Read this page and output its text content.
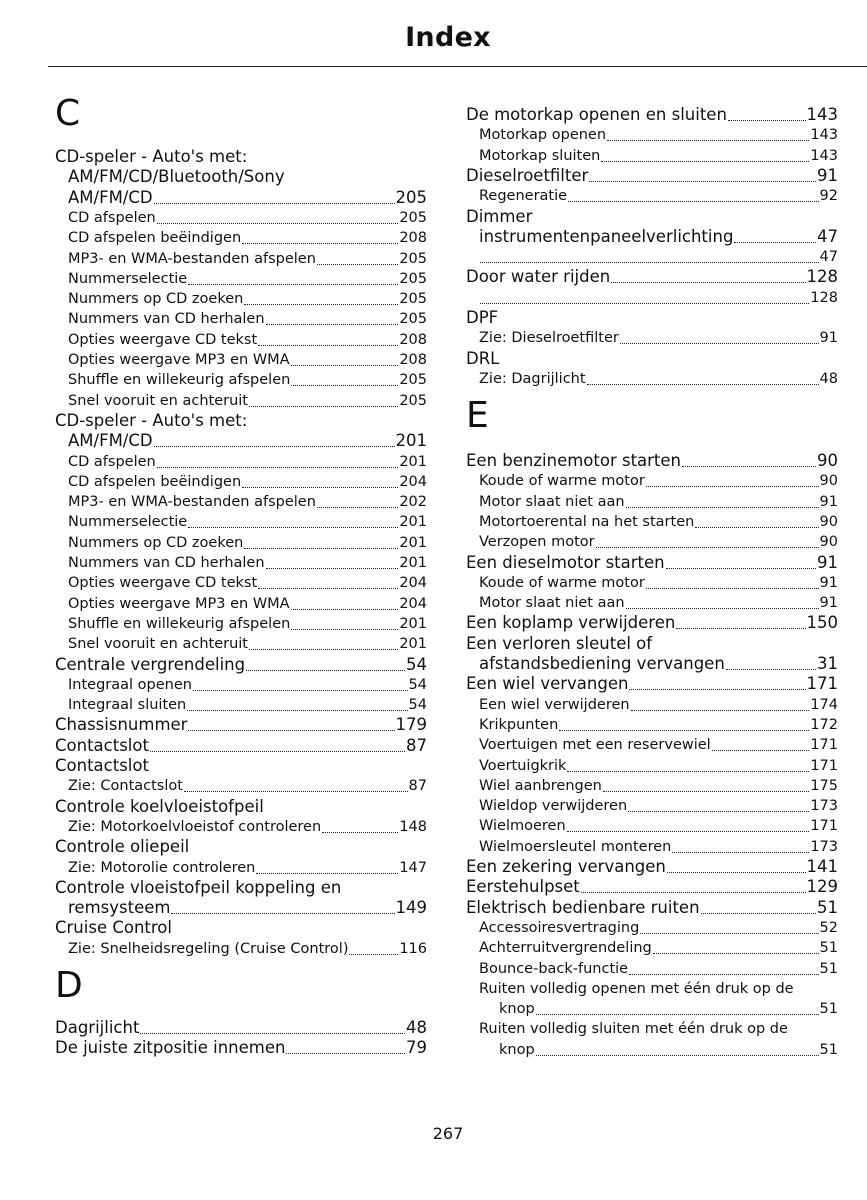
Index
C
CD-speler - Auto's met:
AM/FM/CD/Bluetooth/Sony
AM/FM/CD	205
CD afspelen	205
CD afspelen beëindigen	208
MP3- en WMA-bestanden afspelen	205
Nummerselectie	205
Nummers op CD zoeken	205
Nummers van CD herhalen	205
Opties weergave CD tekst	208
Opties weergave MP3 en WMA	208
Shuffle en willekeurig afspelen	205
Snel vooruit en achteruit	205
CD-speler - Auto's met:
AM/FM/CD	201
CD afspelen	201
CD afspelen beëindigen	204
MP3- en WMA-bestanden afspelen	202
Nummerselectie	201
Nummers op CD zoeken	201
Nummers van CD herhalen	201
Opties weergave CD tekst	204
Opties weergave MP3 en WMA	204
Shuffle en willekeurig afspelen	201
Snel vooruit en achteruit	201
Centrale vergrendeling	54
Integraal openen	54
Integraal sluiten	54
Chassisnummer	179
Contactslot	87
Contactslot
Zie: Contactslot	87
Controle koelvloeistofpeil
Zie: Motorkoelvloeistof controleren	148
Controle oliepeil
Zie: Motorolie controleren	147
Controle vloeistofpeil koppeling en
remsysteem	149
Cruise Control
Zie: Snelheidsregeling (Cruise Control)	116
D
Dagrijlicht	48
De juiste zitpositie innemen	79
De motorkap openen en sluiten	143
Motorkap openen	143
Motorkap sluiten	143
Dieselroetfilter	91
Regeneratie	92
Dimmer
instrumentenpaneelverlichting	47
47
Door water rijden	128
128
DPF
Zie: Dieselroetfilter	91
DRL
Zie: Dagrijlicht	48
E
Een benzinemotor starten	90
Koude of warme motor	90
Motor slaat niet aan	91
Motortoerental na het starten	90
Verzopen motor	90
Een dieselmotor starten	91
Koude of warme motor	91
Motor slaat niet aan	91
Een koplamp verwijderen	150
Een verloren sleutel of
afstandsbediening vervangen	31
Een wiel vervangen	171
Een wiel verwijderen	174
Krikpunten	172
Voertuigen met een reservewiel	171
Voertuigkrik	171
Wiel aanbrengen	175
Wieldop verwijderen	173
Wielmoeren	171
Wielmoersleutel monteren	173
Een zekering vervangen	141
Eerstehulpset	129
Elektrisch bedienbare ruiten	51
Accessoiresvertraging	52
Achterruitvergrendeling	51
Bounce-back-functie	51
Ruiten volledig openen met één druk op de
knop	51
Ruiten volledig sluiten met één druk op de
knop	51
267
